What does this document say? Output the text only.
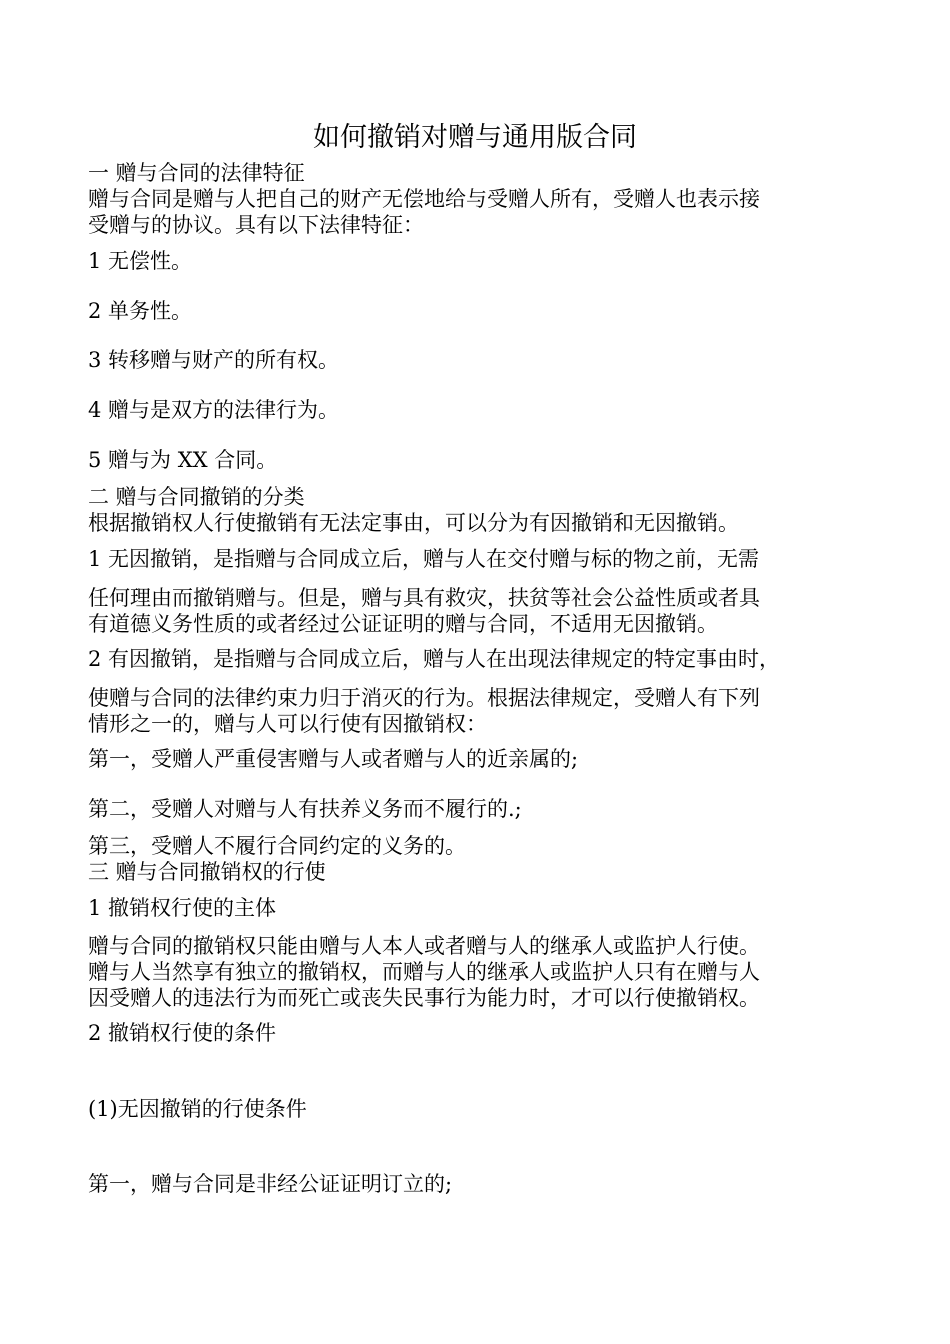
如何撤销对赠与通用版合同

一 赠与合同的法律特征

赠与合同是赠与人把自己的财产无偿地给与受赠人所有，受赠人也表示接

受赠与的协议。具有以下法律特征：

1 无偿性。

2 单务性。

3 转移赠与财产的所有权。

4 赠与是双方的法律行为。

5 赠与为 XX 合同。

二 赠与合同撤销的分类

根据撤销权人行使撤销有无法定事由，可以分为有因撤销和无因撤销。

1 无因撤销，是指赠与合同成立后，赠与人在交付赠与标的物之前，无需

任何理由而撤销赠与。但是，赠与具有救灾，扶贫等社会公益性质或者具

有道德义务性质的或者经过公证证明的赠与合同，不适用无因撤销。

2 有因撤销，是指赠与合同成立后，赠与人在出现法律规定的特定事由时，

使赠与合同的法律约束力归于消灭的行为。根据法律规定，受赠人有下列

情形之一的，赠与人可以行使有因撤销权：

第一，受赠人严重侵害赠与人或者赠与人的近亲属的;

第二，受赠人对赠与人有扶养义务而不履行的.;

第三，受赠人不履行合同约定的义务的。

三 赠与合同撤销权的行使

1 撤销权行使的主体

赠与合同的撤销权只能由赠与人本人或者赠与人的继承人或监护人行使。

赠与人当然享有独立的撤销权，而赠与人的继承人或监护人只有在赠与人

因受赠人的违法行为而死亡或丧失民事行为能力时，才可以行使撤销权。

2 撤销权行使的条件

(1)无因撤销的行使条件

第一，赠与合同是非经公证证明订立的;
